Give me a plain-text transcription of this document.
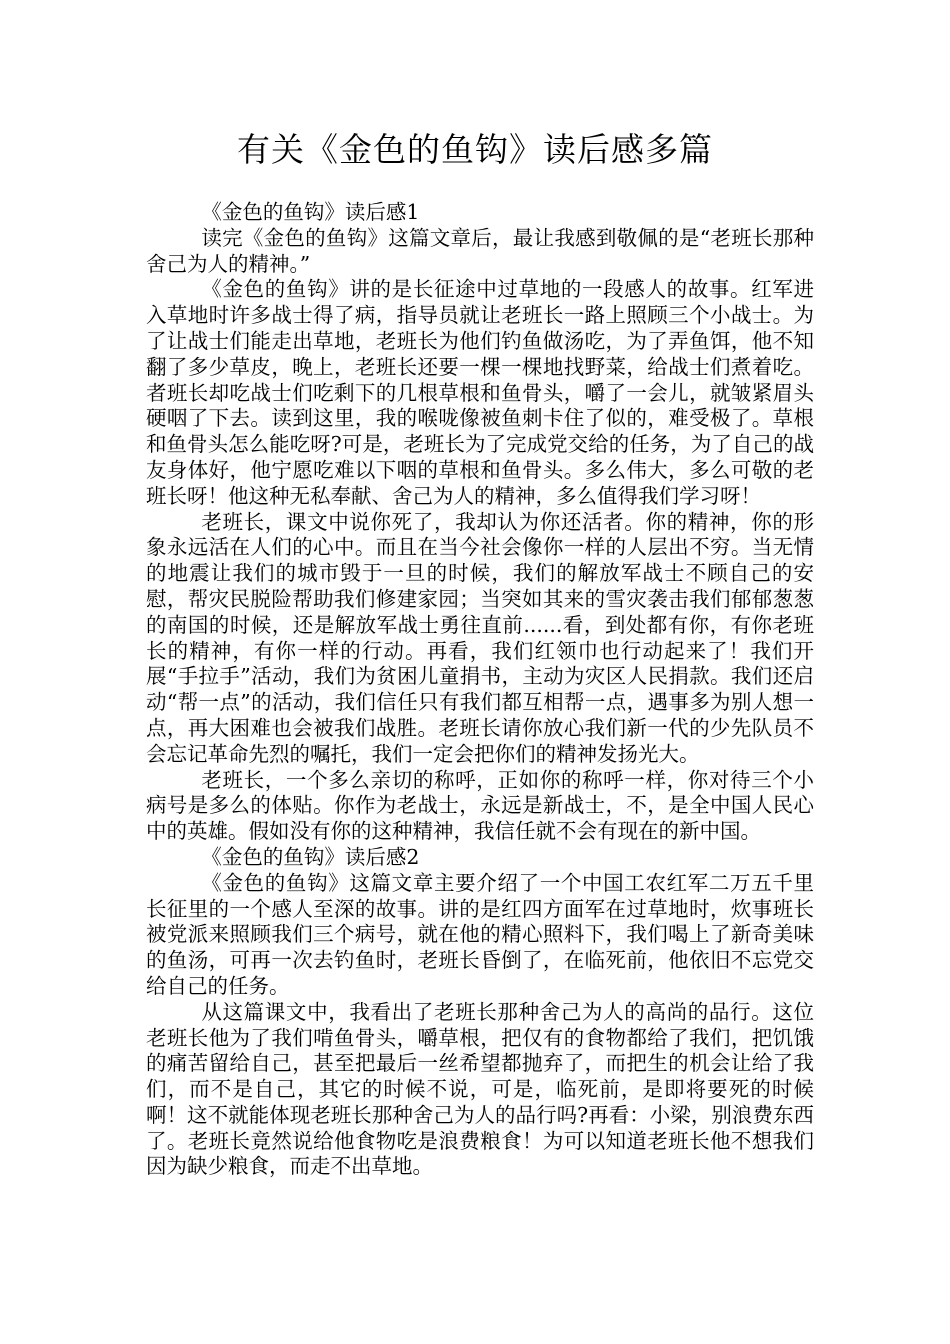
有关《金色的鱼钩》读后感多篇

《金色的鱼钩》读后感1

读完《金色的鱼钩》这篇文章后，最让我感到敬佩的是“老班长那种舍己为人的精神。”

《金色的鱼钩》讲的是长征途中过草地的一段感人的故事。红军进入草地时许多战士得了病，指导员就让老班长一路上照顾三个小战士。为了让战士们能走出草地，老班长为他们钓鱼做汤吃，为了弄鱼饵，他不知翻了多少草皮，晚上，老班长还要一棵一棵地找野菜，给战士们煮着吃。者班长却吃战士们吃剩下的几根草根和鱼骨头，嚼了一会儿，就皱紧眉头硬咽了下去。读到这里，我的喉咙像被鱼刺卡住了似的，难受极了。草根和鱼骨头怎么能吃呀?可是，老班长为了完成党交给的任务，为了自己的战友身体好，他宁愿吃难以下咽的草根和鱼骨头。多么伟大，多么可敬的老班长呀！他这种无私奉献、舍己为人的精神，多么值得我们学习呀！

老班长，课文中说你死了，我却认为你还活者。你的精神，你的形象永远活在人们的心中。而且在当今社会像你一样的人层出不穷。当无情的地震让我们的城市毁于一旦的时候，我们的解放军战士不顾自己的安慰，帮灾民脱险帮助我们修建家园；当突如其来的雪灾袭击我们郁郁葱葱的南国的时候，还是解放军战士勇往直前......看，到处都有你，有你老班长的精神，有你一样的行动。再看，我们红领巾也行动起来了！我们开展“手拉手”活动，我们为贫困儿童捐书，主动为灾区人民捐款。我们还启动“帮一点”的活动，我们信任只有我们都互相帮一点，遇事多为别人想一点，再大困难也会被我们战胜。老班长请你放心我们新一代的少先队员不会忘记革命先烈的嘱托，我们一定会把你们的精神发扬光大。

老班长，一个多么亲切的称呼，正如你的称呼一样，你对待三个小病号是多么的体贴。你作为老战士，永远是新战士，不，是全中国人民心中的英雄。假如没有你的这种精神，我信任就不会有现在的新中国。

《金色的鱼钩》读后感2

《金色的鱼钩》这篇文章主要介绍了一个中国工农红军二万五千里长征里的一个感人至深的故事。讲的是红四方面军在过草地时，炊事班长被党派来照顾我们三个病号，就在他的精心照料下，我们喝上了新奇美味的鱼汤，可再一次去钓鱼时，老班长昏倒了，在临死前，他依旧不忘党交给自己的任务。

从这篇课文中，我看出了老班长那种舍己为人的高尚的品行。这位老班长他为了我们啃鱼骨头，嚼草根，把仅有的食物都给了我们，把饥饿的痛苦留给自己，甚至把最后一丝希望都抛弃了，而把生的机会让给了我们，而不是自己，其它的时候不说，可是，临死前，是即将要死的时候啊！这不就能体现老班长那种舍己为人的品行吗?再看：小梁，别浪费东西了。老班长竟然说给他食物吃是浪费粮食！为可以知道老班长他不想我们因为缺少粮食，而走不出草地。
